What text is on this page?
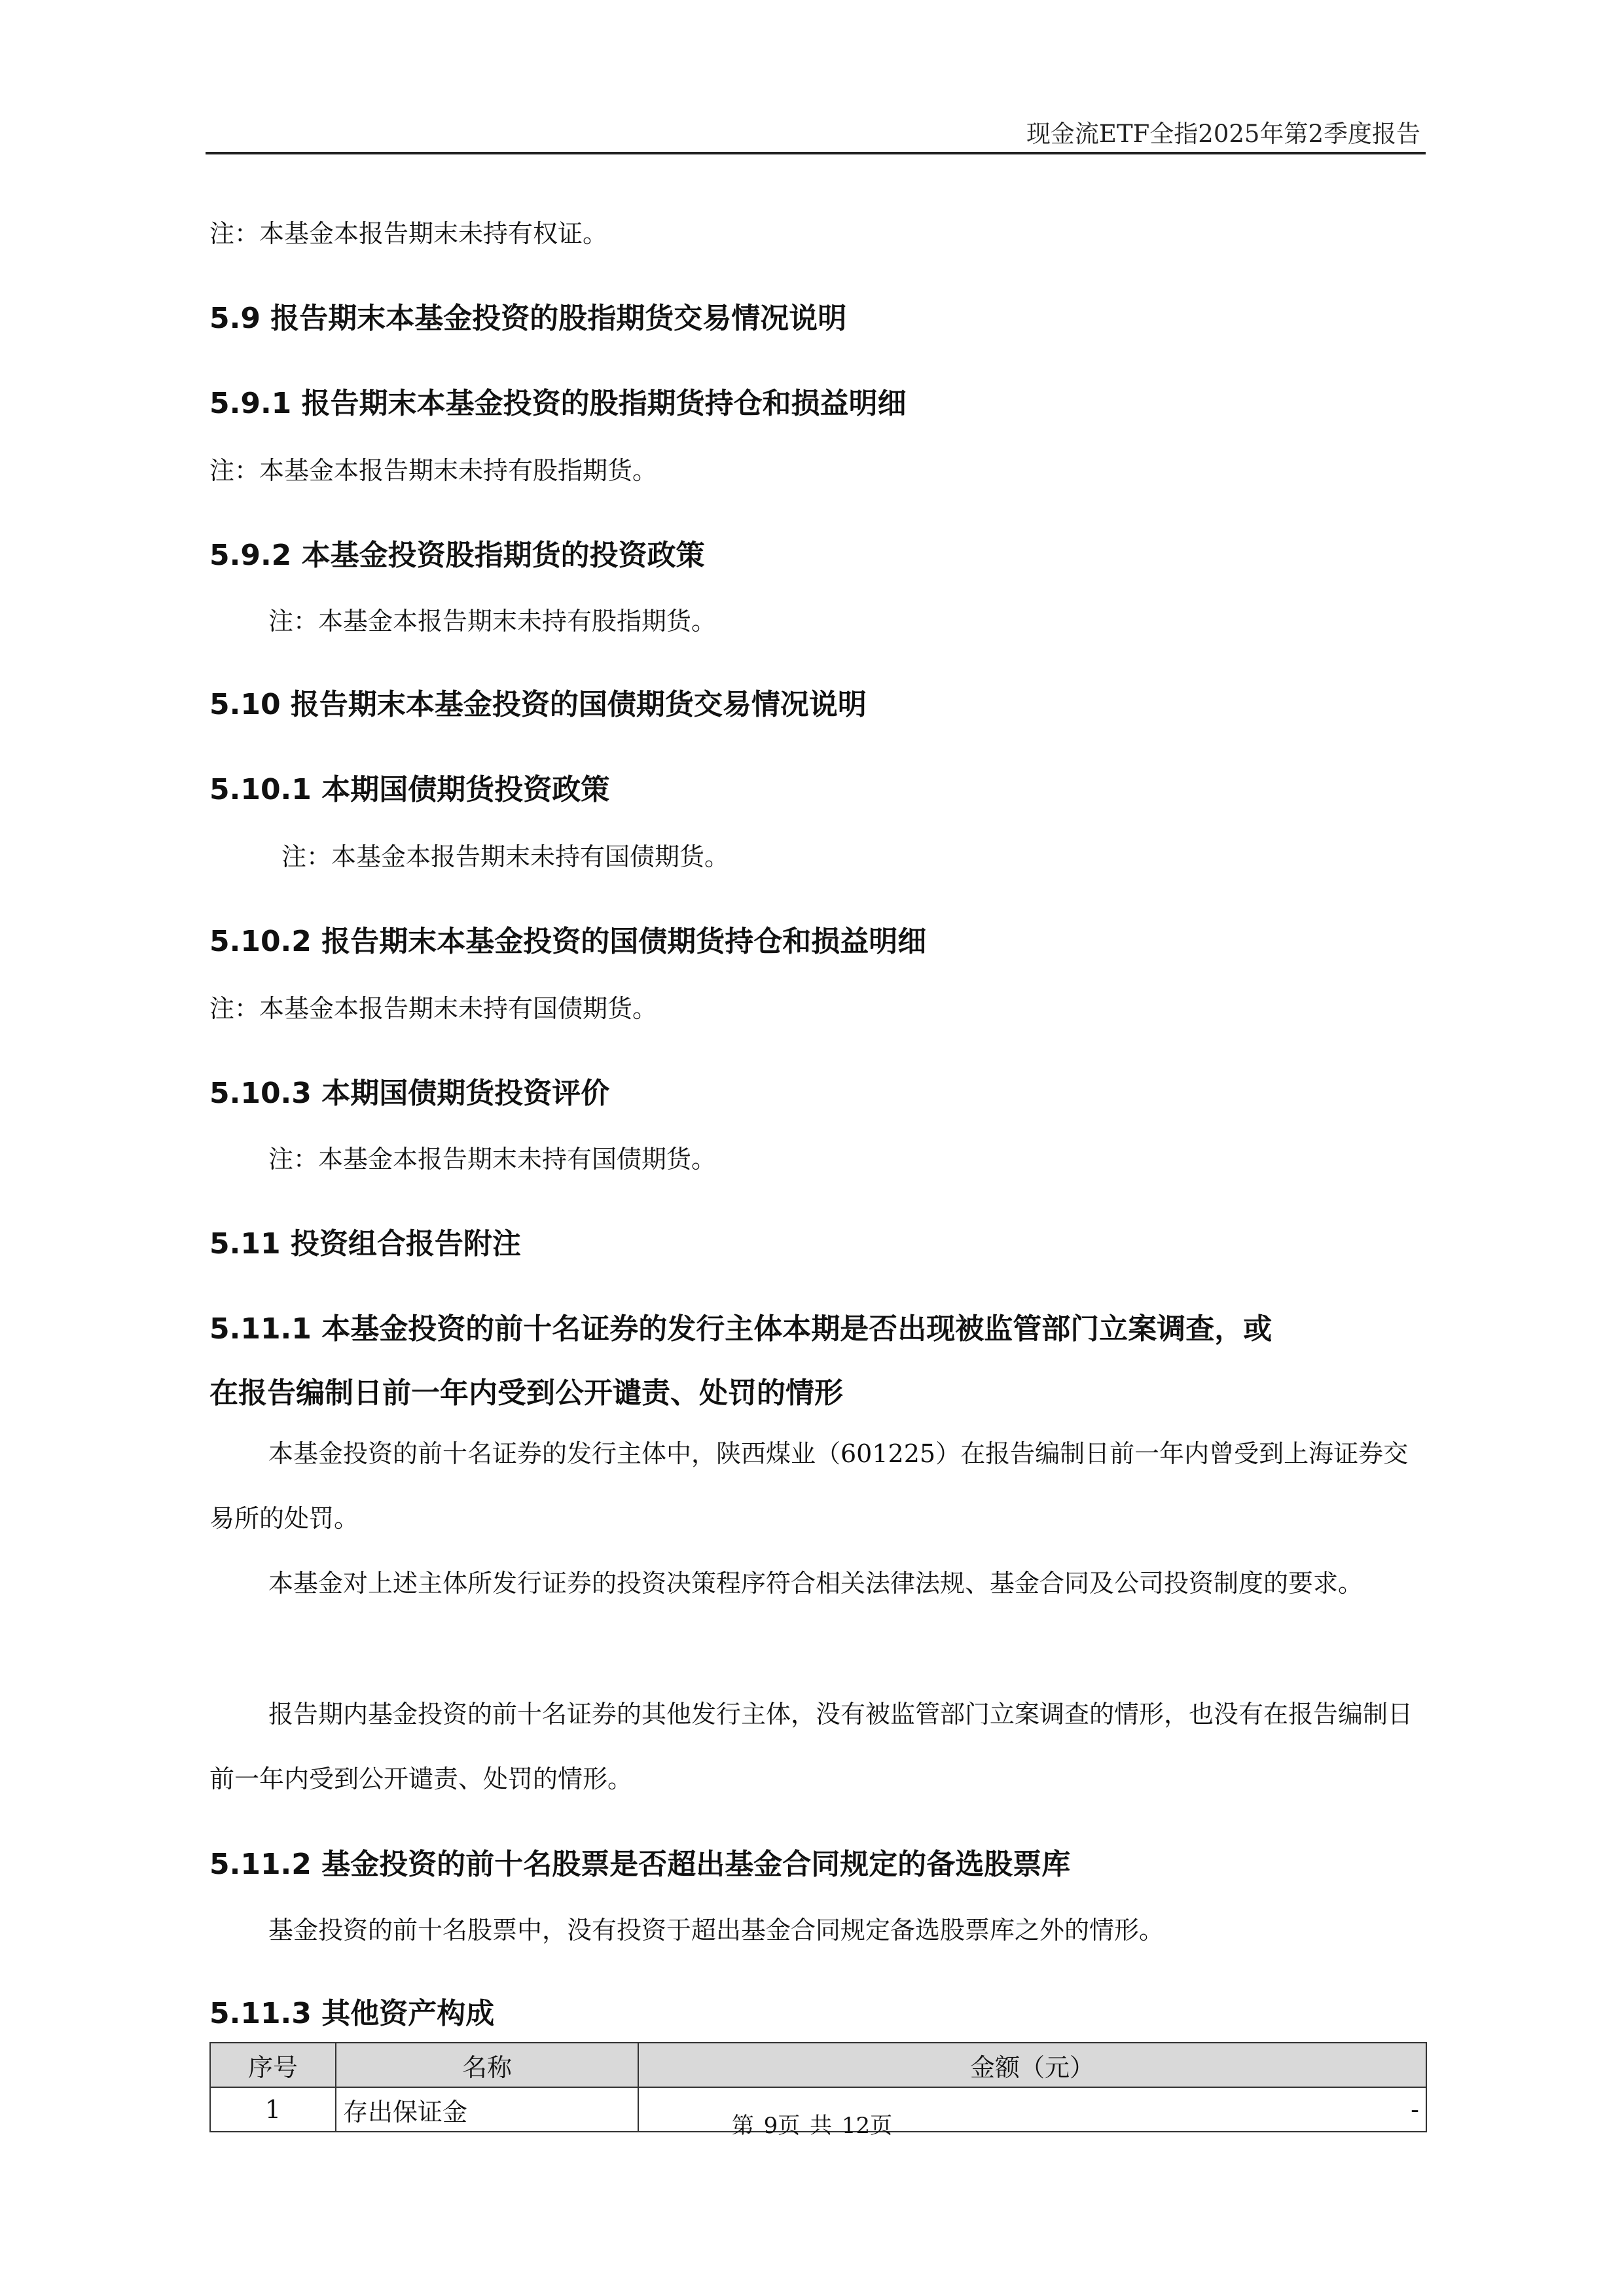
现金流ETF全指2025年第2季度报告
注：本基金本报告期末未持有权证。
5.9 报告期末本基金投资的股指期货交易情况说明
5.9.1 报告期末本基金投资的股指期货持仓和损益明细
注：本基金本报告期末未持有股指期货。
5.9.2 本基金投资股指期货的投资政策
注：本基金本报告期末未持有股指期货。
5.10 报告期末本基金投资的国债期货交易情况说明
5.10.1 本期国债期货投资政策
注：本基金本报告期末未持有国债期货。
5.10.2 报告期末本基金投资的国债期货持仓和损益明细
注：本基金本报告期末未持有国债期货。
5.10.3 本期国债期货投资评价
注：本基金本报告期末未持有国债期货。
5.11 投资组合报告附注
5.11.1 本基金投资的前十名证券的发行主体本期是否出现被监管部门立案调查，或
在报告编制日前一年内受到公开谴责、处罚的情形

本基金投资的前十名证券的发行主体中，陕西煤业（601225）在报告编制日前一年内曾受到上海证券交易所的处罚。

本基金对上述主体所发行证券的投资决策程序符合相关法律法规、基金合同及公司投资制度的要求。

报告期内基金投资的前十名证券的其他发行主体，没有被监管部门立案调查的情形，也没有在报告编制日前一年内受到公开谴责、处罚的情形。

5.11.2 基金投资的前十名股票是否超出基金合同规定的备选股票库
基金投资的前十名股票中，没有投资于超出基金合同规定备选股票库之外的情形。
5.11.3 其他资产构成
序号	名称	金额（元）
1	存出保证金	-
第 9页 共 12页
